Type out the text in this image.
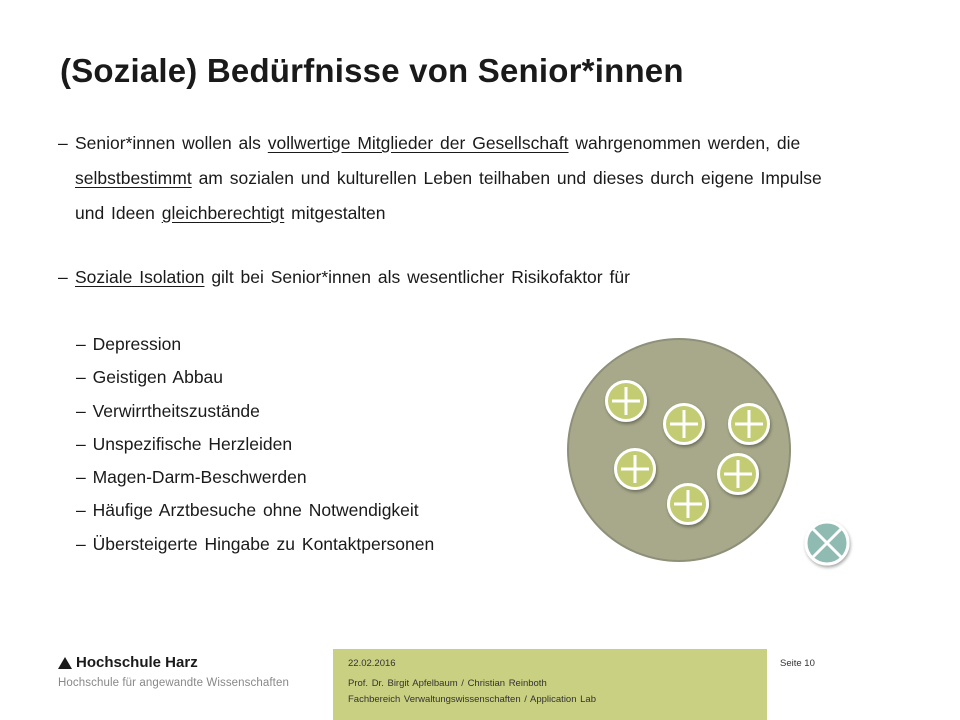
(Soziale) Bedürfnisse von Senior*innen
– Senior*innen wollen als vollwertige Mitglieder der Gesellschaft wahrgenommen werden, die selbstbestimmt am sozialen und kulturellen Leben teilhaben und dieses durch eigene Impulse und Ideen gleichberechtigt mitgestalten
– Soziale Isolation gilt bei Senior*innen als wesentlicher Risikofaktor für
– Depression
– Geistigen Abbau
– Verwirrtheitszustände
– Unspezifische Herzleiden
– Magen-Darm-Beschwerden
– Häufige Arztbesuche ohne Notwendigkeit
– Übersteigerte Hingabe zu Kontaktpersonen
Hochschule Harz
Hochschule für angewandte Wissenschaften
22.02.2016
Prof. Dr. Birgit Apfelbaum / Christian Reinboth
Fachbereich Verwaltungswissenschaften / Application Lab
Seite 10
